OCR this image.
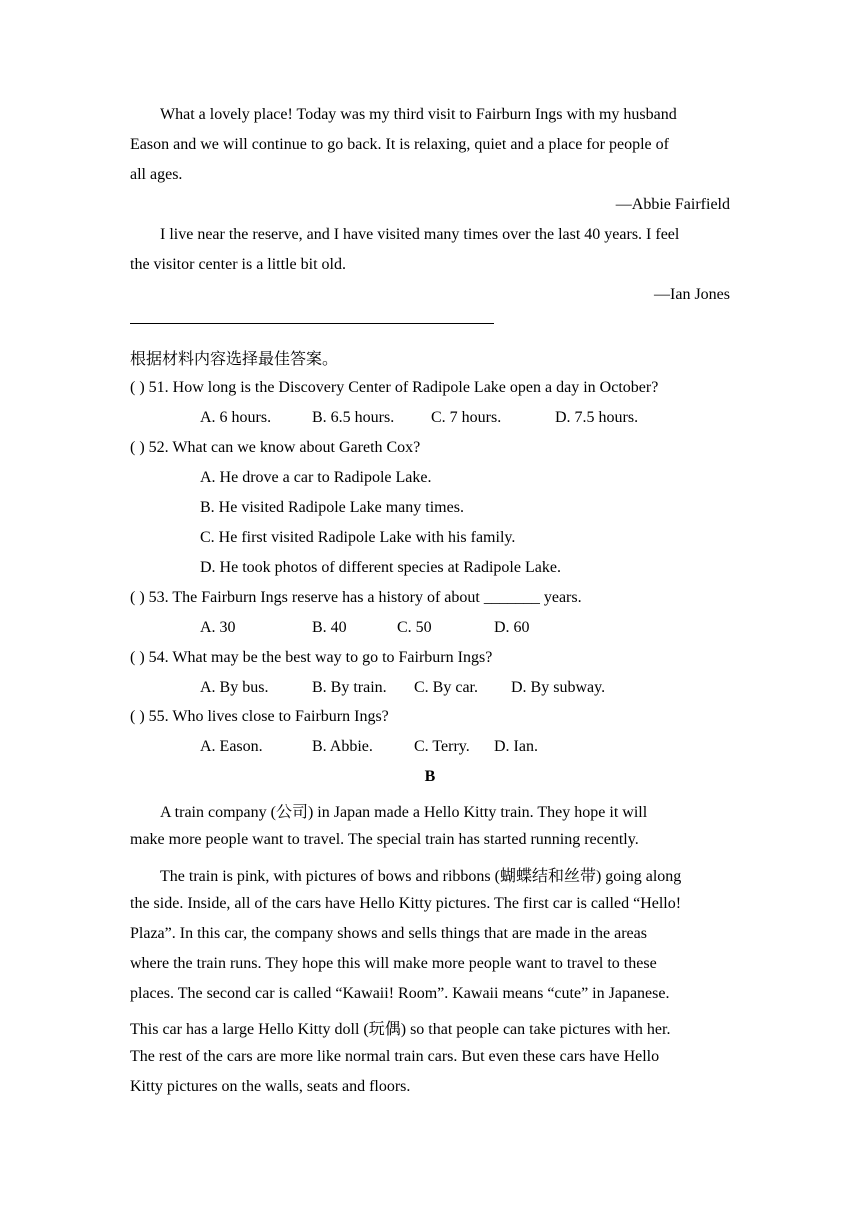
What a lovely place! Today was my third visit to Fairburn Ings with my husband
Eason and we will continue to go back. It is relaxing, quiet and a place for people of
all ages.
—Abbie Fairfield
I live near the reserve, and I have visited many times over the last 40 years. I feel
the visitor center is a little bit old.
—Ian Jones
根据材料内容选择最佳答案。
( ) 51. How long is the Discovery Center of Radipole Lake open a day in October?
A. 6 hours.	B. 6.5 hours. C. 7 hours.	D. 7.5 hours.
( ) 52. What can we know about Gareth Cox?
A. He drove a car to Radipole Lake.
B. He visited Radipole Lake many times.
C. He first visited Radipole Lake with his family.
D. He took photos of different species at Radipole Lake.
( ) 53. The Fairburn Ings reserve has a history of about _______ years.
A. 30	B. 40	C. 50	D. 60
( ) 54. What may be the best way to go to Fairburn Ings?
A. By bus.	B. By train. C. By car. D. By subway.
( ) 55. Who lives close to Fairburn Ings?
A. Eason.	B. Abbie.	C. Terry. D. Ian.
B
A train company (公司) in Japan made a Hello Kitty train. They hope it will
make more people want to travel. The special train has started running recently.
The train is pink, with pictures of bows and ribbons (蝴蝶结和丝带) going along
the side. Inside, all of the cars have Hello Kitty pictures. The first car is called “Hello!
Plaza”. In this car, the company shows and sells things that are made in the areas
where the train runs. They hope this will make more people want to travel to these
places. The second car is called “Kawaii! Room”. Kawaii means “cute” in Japanese.
This car has a large Hello Kitty doll (玩偶) so that people can take pictures with her.
The rest of the cars are more like normal train cars. But even these cars have Hello
Kitty pictures on the walls, seats and floors.
